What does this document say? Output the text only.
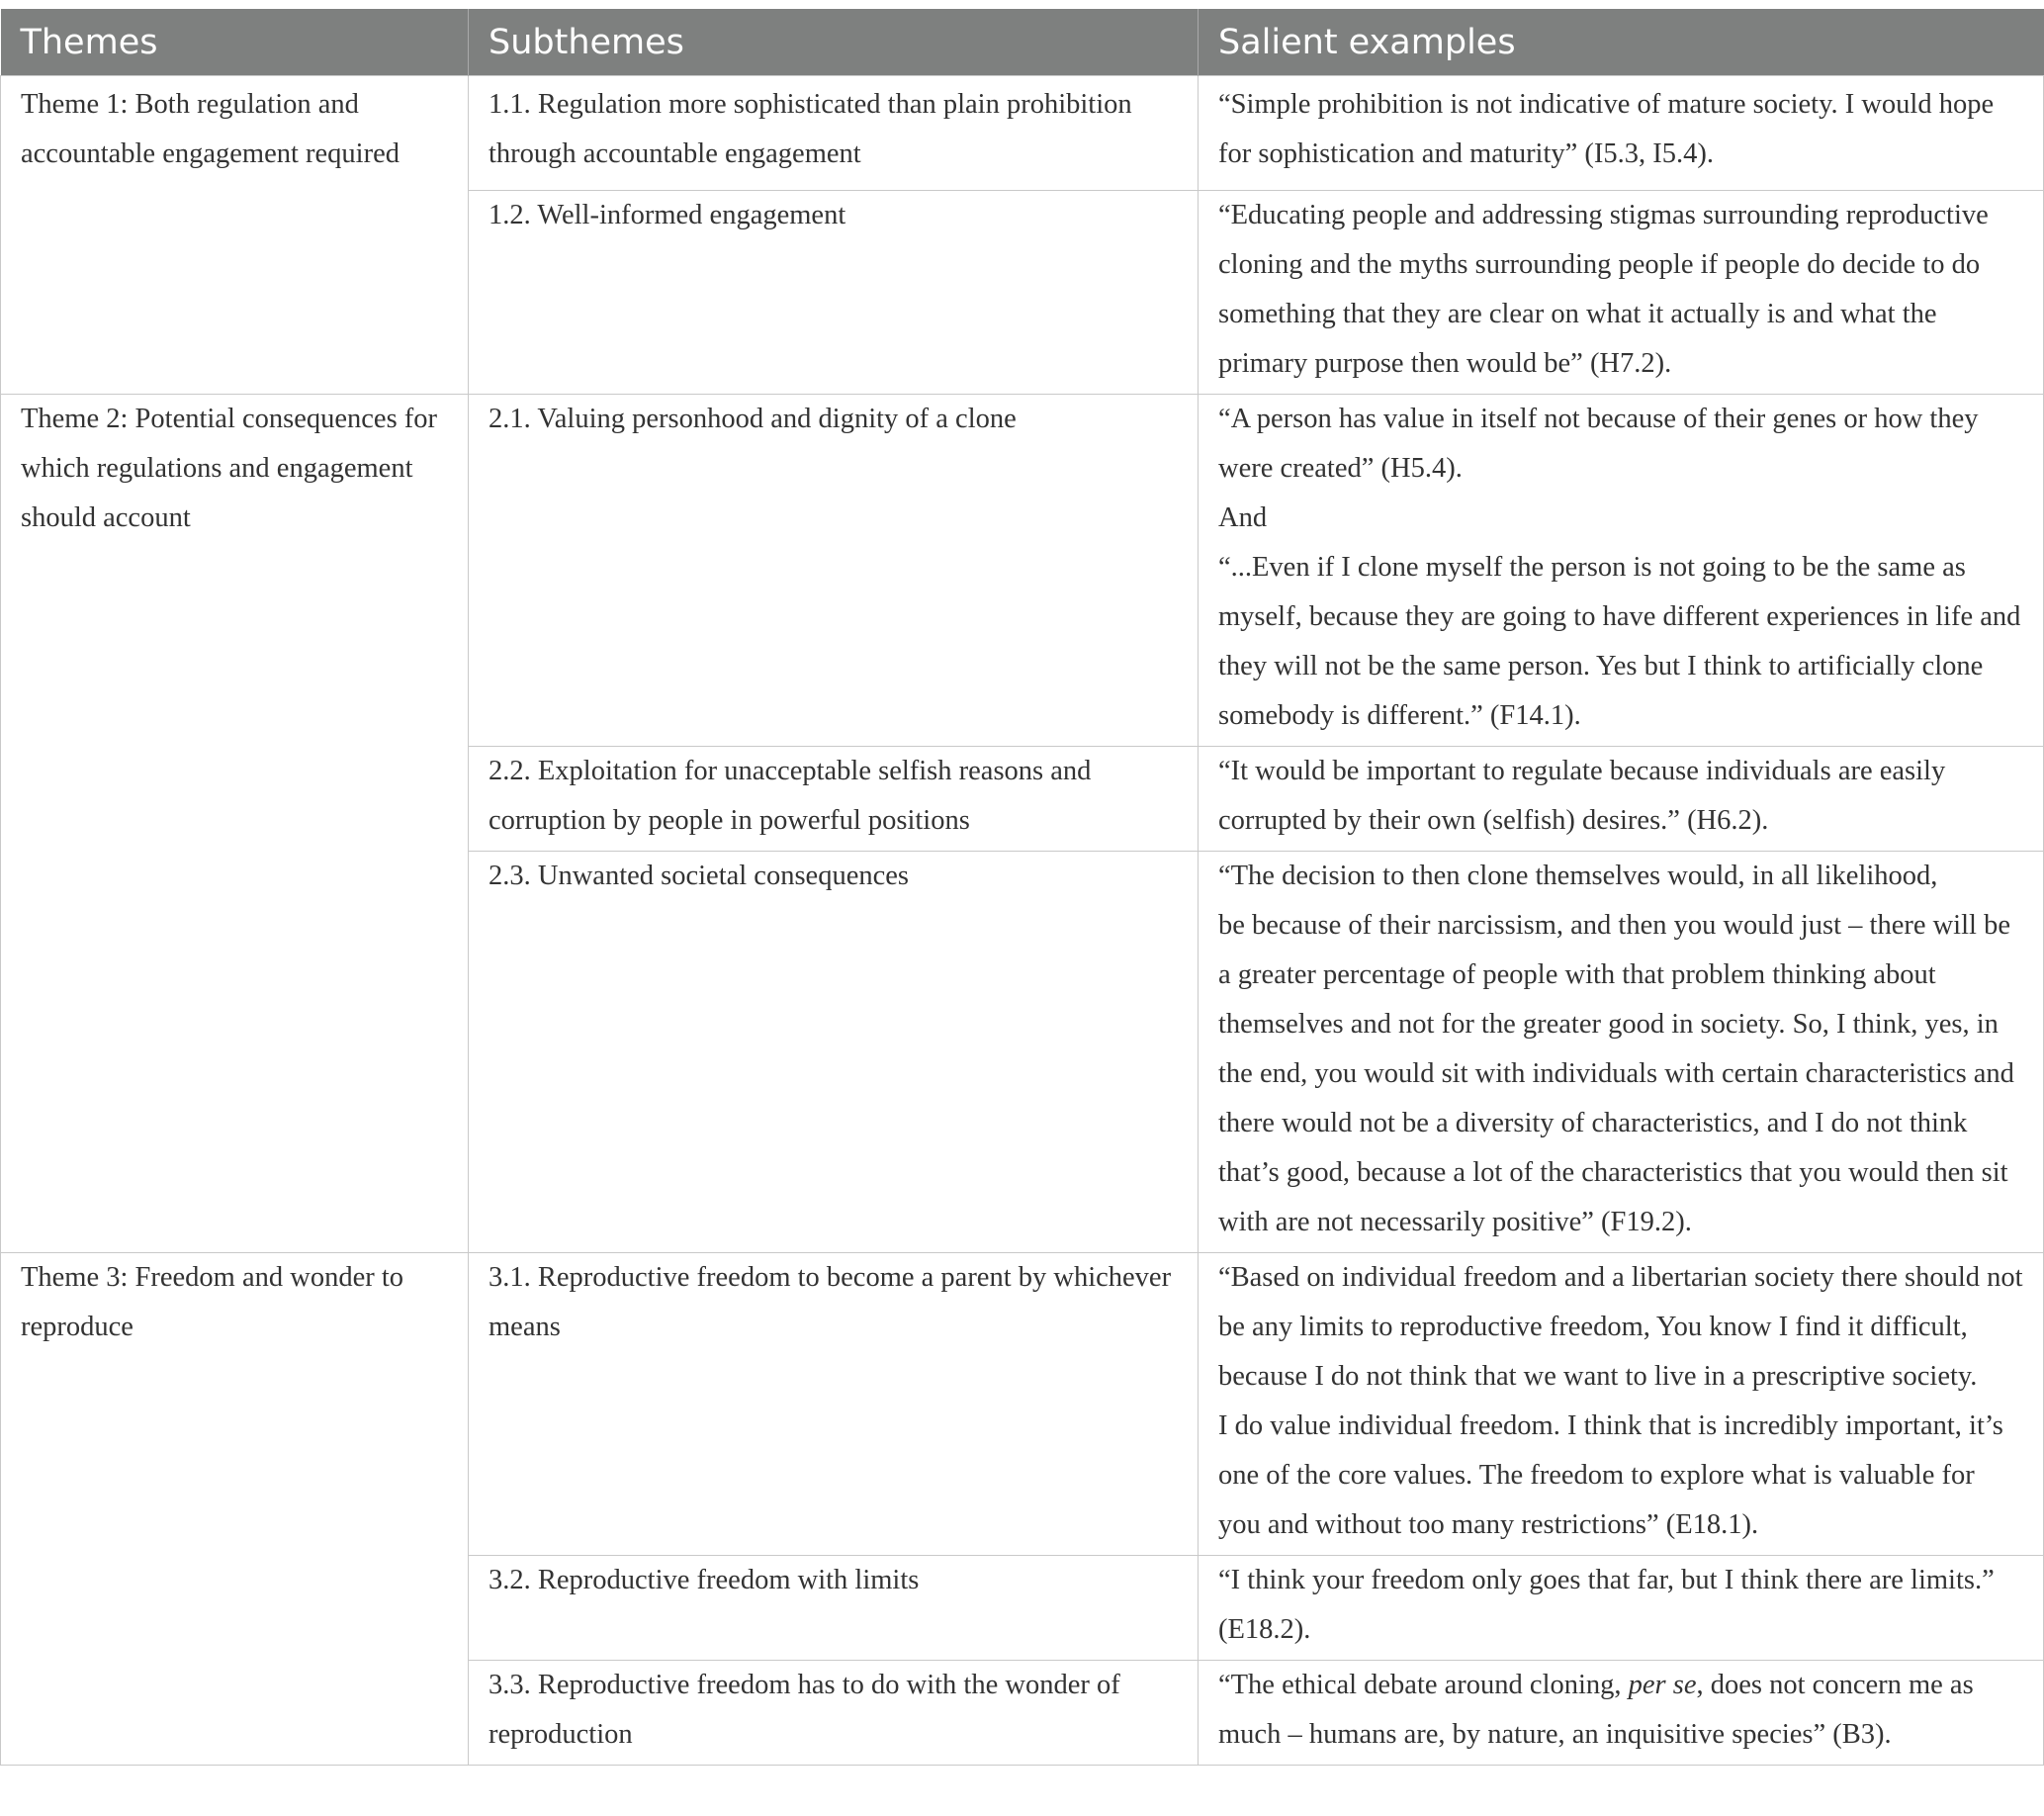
Themes	Subthemes	Salient examples
Theme 1: Both regulation and accountable engagement required	1.1. Regulation more sophisticated than plain prohibition through accountable engagement	“Simple prohibition is not indicative of mature society. I would hope for sophistication and maturity” (I5.3, I5.4).

	1.2. Well-informed engagement	“Educating people and addressing stigmas surrounding reproductive cloning and the myths surrounding people if people do decide to do something that they are clear on what it actually is and what the primary purpose then would be” (H7.2).

Theme 2: Potential consequences for which regulations and engagement should account	2.1. Valuing personhood and dignity of a clone	“A person has value in itself not because of their genes or how they were created” (H5.4).
And
“...Even if I clone myself the person is not going to be the same as myself, because they are going to have different experiences in life and they will not be the same person. Yes but I think to artificially clone somebody is different.” (F14.1).

	2.2. Exploitation for unacceptable selfish reasons and corruption by people in powerful positions	“It would be important to regulate because individuals are easily corrupted by their own (selfish) desires.” (H6.2).

	2.3. Unwanted societal consequences	“The decision to then clone themselves would, in all likelihood,
be because of their narcissism, and then you would just – there will be a greater percentage of people with that problem thinking about themselves and not for the greater good in society. So, I think, yes, in the end, you would sit with individuals with certain characteristics and there would not be a diversity of characteristics, and I do not think that’s good, because a lot of the characteristics that you would then sit with are not necessarily positive” (F19.2).

Theme 3: Freedom and wonder to reproduce	3.1. Reproductive freedom to become a parent by whichever means	“Based on individual freedom and a libertarian society there should not be any limits to reproductive freedom, You know I find it difficult, because I do not think that we want to live in a prescriptive society.
I do value individual freedom. I think that is incredibly important, it’s one of the core values. The freedom to explore what is valuable for you and without too many restrictions” (E18.1).

	3.2. Reproductive freedom with limits	“I think your freedom only goes that far, but I think there are limits.” (E18.2).

	3.3. Reproductive freedom has to do with the wonder of reproduction	“The ethical debate around cloning, per se, does not concern me as much – humans are, by nature, an inquisitive species” (B3).
